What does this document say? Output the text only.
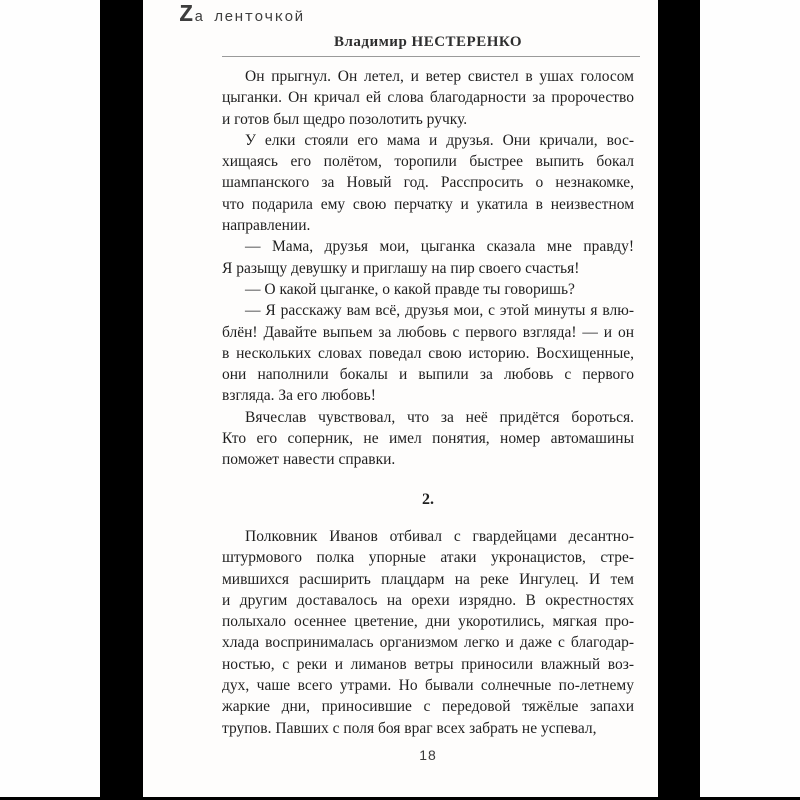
Zа ленточкой
Владимир НЕСТЕРЕНКО
Он прыгнул. Он летел, и ветер свистел в ушах голосом
цыганки. Он кричал ей слова благодарности за пророчество
и готов был щедро позолотить ручку.
У елки стояли его мама и друзья. Они кричали, вос-
хищаясь его полётом, торопили быстрее выпить бокал
шампанского за Новый год. Расспросить о незнакомке,
что подарила ему свою перчатку и укатила в неизвестном
направлении.
— Мама, друзья мои, цыганка сказала мне правду!
Я разыщу девушку и приглашу на пир своего счастья!
— О какой цыганке, о какой правде ты говоришь?
— Я расскажу вам всё, друзья мои, с этой минуты я влю-
блён! Давайте выпьем за любовь с первого взгляда! — и он
в нескольких словах поведал свою историю. Восхищенные,
они наполнили бокалы и выпили за любовь с первого
взгляда. За его любовь!
Вячеслав чувствовал, что за неё придётся бороться.
Кто его соперник, не имел понятия, номер автомашины
поможет навести справки.
2.
Полковник Иванов отбивал с гвардейцами десантно-
штурмового полка упорные атаки укронацистов, стре-
мившихся расширить плацдарм на реке Ингулец. И тем
и другим доставалось на орехи изрядно. В окрестностях
полыхало осеннее цветение, дни укоротились, мягкая про-
хлада воспринималась организмом легко и даже с благодар-
ностью, с реки и лиманов ветры приносили влажный воз-
дух, чаше всего утрами. Но бывали солнечные по-летнему
жаркие дни, приносившие с передовой тяжёлые запахи
трупов. Павших с поля боя враг всех забрать не успевал,
18
